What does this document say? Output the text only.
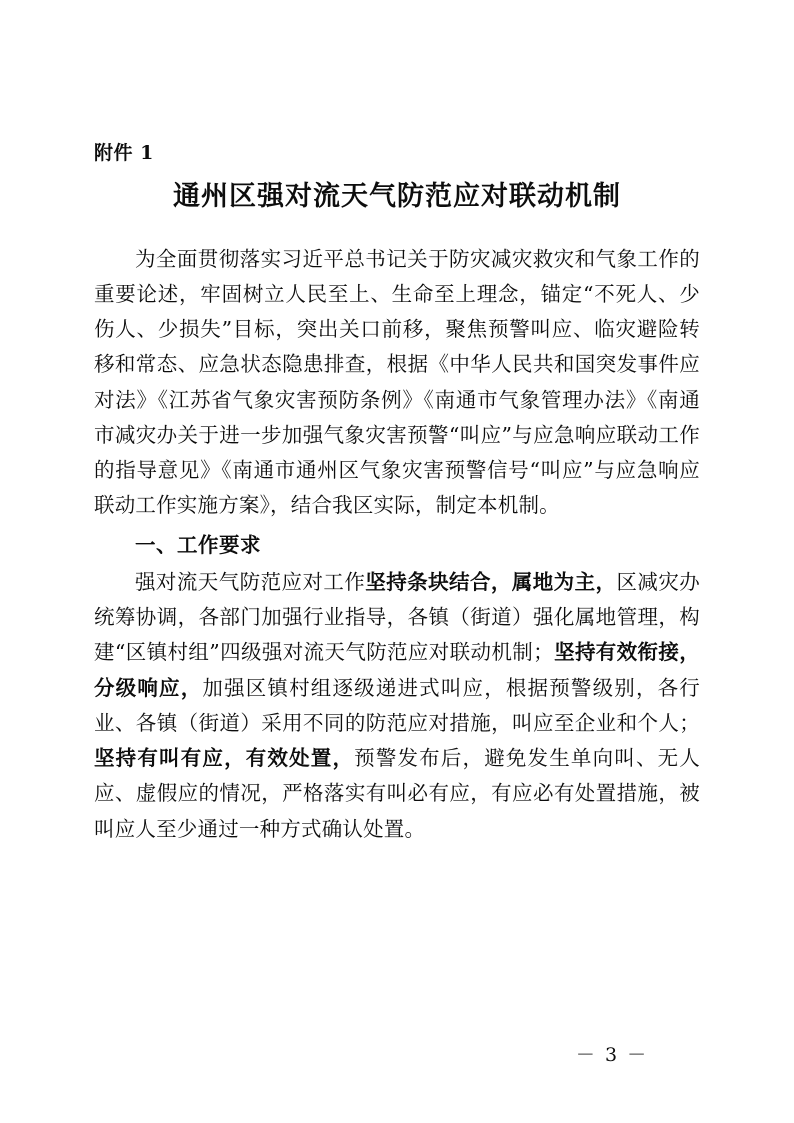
附件 1
通州区强对流天气防范应对联动机制

为全面贯彻落实习近平总书记关于防灾减灾救灾和气象工作的重要论述，牢固树立人民至上、生命至上理念，锚定“不死人、少伤人、少损失”目标，突出关口前移，聚焦预警叫应、临灾避险转移和常态、应急状态隐患排查，根据《中华人民共和国突发事件应对法》《江苏省气象灾害预防条例》《南通市气象管理办法》《南通市减灾办关于进一步加强气象灾害预警“叫应”与应急响应联动工作的指导意见》《南通市通州区气象灾害预警信号“叫应”与应急响应联动工作实施方案》，结合我区实际，制定本机制。

一、工作要求

强对流天气防范应对工作坚持条块结合，属地为主，区减灾办统筹协调，各部门加强行业指导，各镇（街道）强化属地管理，构建“区镇村组”四级强对流天气防范应对联动机制；坚持有效衔接，分级响应，加强区镇村组逐级递进式叫应，根据预警级别，各行业、各镇（街道）采用不同的防范应对措施，叫应至企业和个人；坚持有叫有应，有效处置，预警发布后，避免发生单向叫、无人应、虚假应的情况，严格落实有叫必有应，有应必有处置措施，被叫应人至少通过一种方式确认处置。

－ 3 －
